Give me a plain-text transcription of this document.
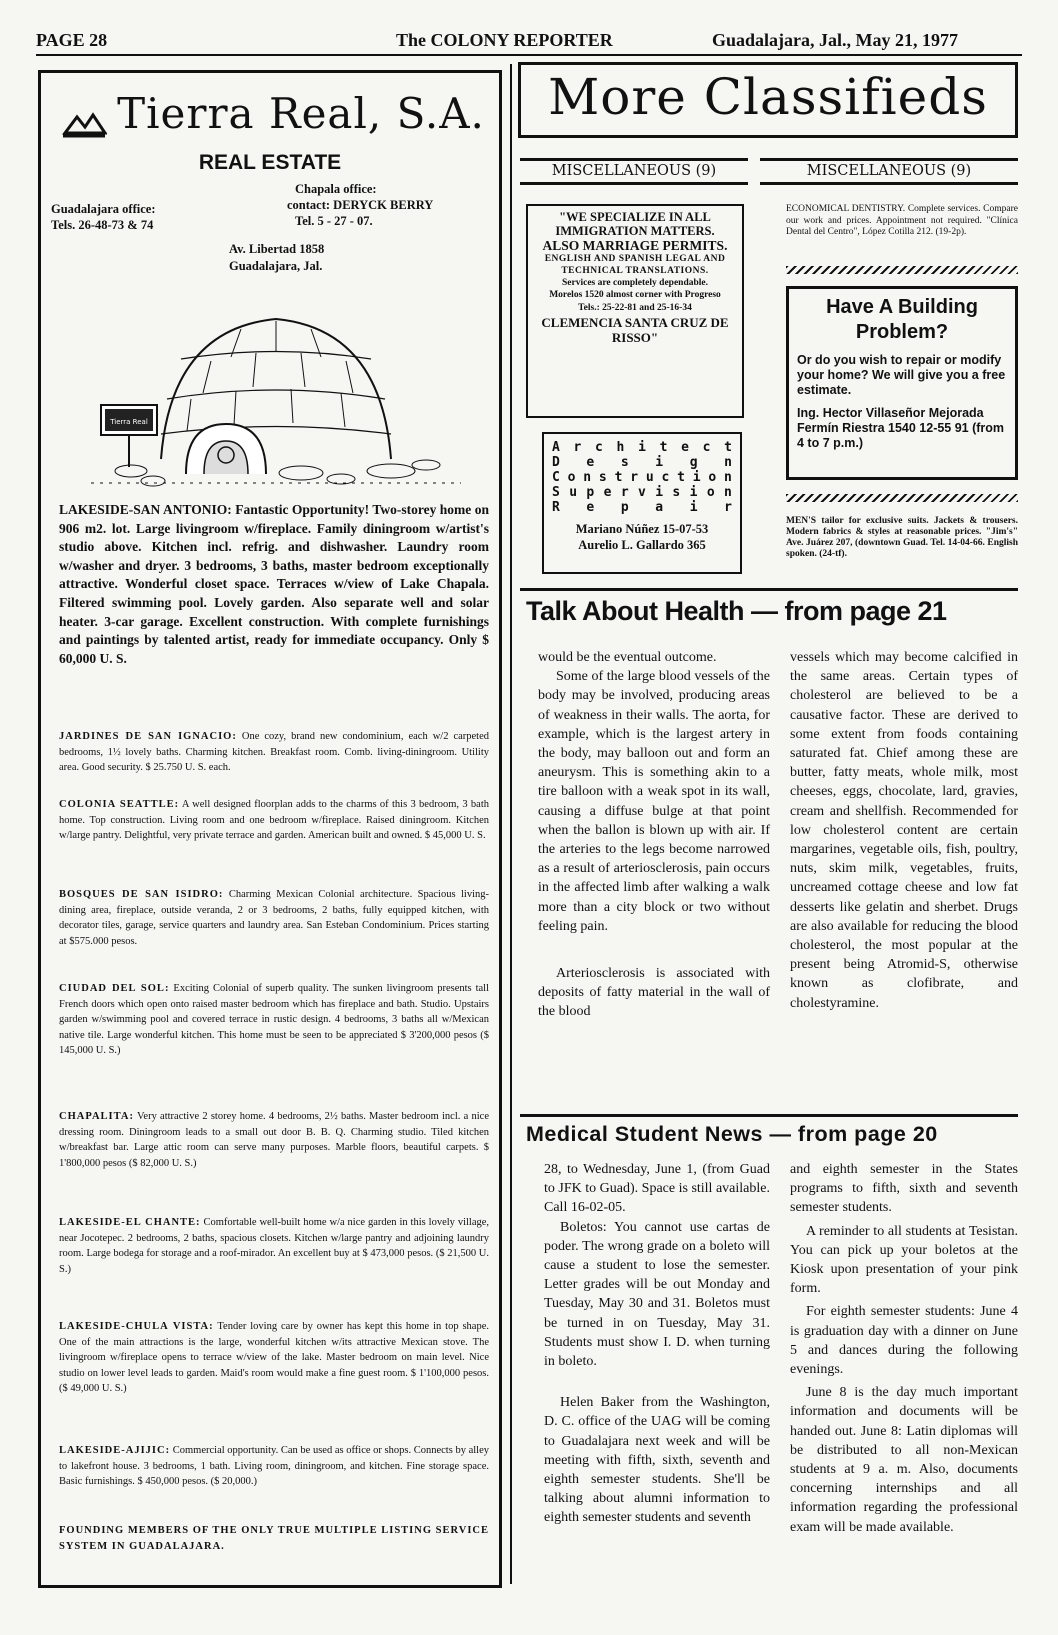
PAGE 28	The COLONY REPORTER	Guadalajara, Jal., May 21, 1977
Tierra Real, S.A.
REAL ESTATE
Guadalajara office:
Tels. 26-48-73 & 74
Chapala office:
contact: DERYCK BERRY
Tel. 5 - 27 - 07.
Av. Libertad 1858
Guadalajara, Jal.
Tierra Real
LAKESIDE-SAN ANTONIO: Fantastic Opportunity! Two-storey home on 906 m2. lot. Large livingroom w/fireplace. Family diningroom w/artist's studio above. Kitchen incl. refrig. and dishwasher. Laundry room w/washer and dryer. 3 bedrooms, 3 baths, master bedroom exceptionally attractive. Wonderful closet space. Terraces w/view of Lake Chapala. Filtered swimming pool. Lovely garden. Also separate well and solar heater. 3-car garage. Excellent construction. With complete furnishings and paintings by talented artist, ready for immediate occupancy. Only $ 60,000 U. S.
JARDINES DE SAN IGNACIO: One cozy, brand new condominium, each w/2 carpeted bedrooms, 1½ lovely baths. Charming kitchen. Breakfast room. Comb. living-diningroom. Utility area. Good security. $ 25.750 U. S. each.
COLONIA SEATTLE: A well designed floorplan adds to the charms of this 3 bedroom, 3 bath home. Top construction. Living room and one bedroom w/fireplace. Raised diningroom. Kitchen w/large pantry. Delightful, very private terrace and garden. American built and owned. $ 45,000 U. S.
BOSQUES DE SAN ISIDRO: Charming Mexican Colonial architecture. Spacious living-dining area, fireplace, outside veranda, 2 or 3 bedrooms, 2 baths, fully equipped kitchen, with decorator tiles, garage, service quarters and laundry area. San Esteban Condominium. Prices starting at $575.000 pesos.
CIUDAD DEL SOL: Exciting Colonial of superb quality. The sunken livingroom presents tall French doors which open onto raised master bedroom which has fireplace and bath. Studio. Upstairs garden w/swimming pool and covered terrace in rustic design. 4 bedrooms, 3 baths all w/Mexican native tile. Large wonderful kitchen. This home must be seen to be appreciated $ 3'200,000 pesos ($ 145,000 U. S.)
CHAPALITA: Very attractive 2 storey home. 4 bedrooms, 2½ baths. Master bedroom incl. a nice dressing room. Diningroom leads to a small out door B. B. Q. Charming studio. Tiled kitchen w/breakfast bar. Large attic room can serve many purposes. Marble floors, beautiful carpets. $ 1'800,000 pesos ($ 82,000 U. S.)
LAKESIDE-EL CHANTE: Comfortable well-built home w/a nice garden in this lovely village, near Jocotepec. 2 bedrooms, 2 baths, spacious closets. Kitchen w/large pantry and adjoining laundry room. Large bodega for storage and a roof-mirador. An excellent buy at $ 473,000 pesos. ($ 21,500 U. S.)
LAKESIDE-CHULA VISTA: Tender loving care by owner has kept this home in top shape. One of the main attractions is the large, wonderful kitchen w/its attractive Mexican stove. The livingroom w/fireplace opens to terrace w/view of the lake. Master bedroom on main level. Nice studio on lower level leads to garden. Maid's room would make a fine guest room. $ 1'100,000 pesos. ($ 49,000 U. S.)
LAKESIDE-AJIJIC: Commercial opportunity. Can be used as office or shops. Connects by alley to lakefront house. 3 bedrooms, 1 bath. Living room, diningroom, and kitchen. Fine storage space. Basic furnishings. $ 450,000 pesos. ($ 20,000.)
FOUNDING MEMBERS OF THE ONLY TRUE MULTIPLE LISTING SERVICE SYSTEM IN GUADALAJARA.
More Classifieds
MISCELLANEOUS (9)	MISCELLANEOUS (9)
"WE SPECIALIZE IN ALL IMMIGRATION MATTERS.
ALSO MARRIAGE PERMITS.
ENGLISH AND SPANISH LEGAL AND TECHNICAL TRANSLATIONS.
Services are completely dependable.
Morelos 1520 almost corner with Progreso
Tels.: 25-22-81 and 25-16-34
CLEMENCIA SANTA CRUZ DE RISSO"
A r c h i t e c t
D e s i g n
C o n s t r u c t i o n
S u p e r v i s i o n
R e p a i r
Mariano Núñez 15-07-53
Aurelio L. Gallardo 365
ECONOMICAL DENTISTRY. Complete services. Compare our work and prices. Appointment not required. "Clínica Dental del Centro", López Cotilla 212. (19-2p).
Have A Building Problem?
Or do you wish to repair or modify your home? We will give you a free estimate.
Ing. Hector Villaseñor Mejorada Fermín Riestra 1540 12-55 91 (from 4 to 7 p.m.)
MEN'S tailor for exclusive suits. Jackets & trousers. Modern fabrics & styles at reasonable prices. "Jim's" Ave. Juárez 207, (downtown Guad. Tel. 14-04-66. English spoken. (24-tf).
Talk About Health — from page 21

would be the eventual outcome.

Some of the large blood vessels of the body may be involved, producing areas of weakness in their walls. The aorta, for example, which is the largest artery in the body, may balloon out and form an aneurysm. This is something akin to a tire balloon with a weak spot in its wall, causing a diffuse bulge at that point when the ballon is blown up with air. If the arteries to the legs become narrowed as a result of arteriosclerosis, pain occurs in the affected limb after walking a walk more than a city block or two without feeling pain.

Arteriosclerosis is associated with deposits of fatty material in the wall of the blood

vessels which may become calcified in the same areas. Certain types of cholesterol are believed to be a causative factor. These are derived to some extent from foods containing saturated fat. Chief among these are butter, fatty meats, whole milk, most cheeses, eggs, chocolate, lard, gravies, cream and shellfish. Recommended for low cholesterol content are certain margarines, vegetable oils, fish, poultry, nuts, skim milk, vegetables, fruits, uncreamed cottage cheese and low fat desserts like gelatin and sherbet. Drugs are also available for reducing the blood cholesterol, the most popular at the present being Atromid-S, otherwise known as clofibrate, and cholestyramine.

Medical Student News — from page 20

28, to Wednesday, June 1, (from Guad to JFK to Guad). Space is still available. Call 16-02-05.

Boletos: You cannot use cartas de poder. The wrong grade on a boleto will cause a student to lose the semester. Letter grades will be out Monday and Tuesday, May 30 and 31. Boletos must be turned in on Tuesday, May 31. Students must show I. D. when turning in boleto.

Helen Baker from the Washington, D. C. office of the UAG will be coming to Guadalajara next week and will be meeting with fifth, sixth, seventh and eighth semester students. She'll be talking about alumni information to eighth semester students and seventh

and eighth semester in the States programs to fifth, sixth and seventh semester students.

A reminder to all students at Tesistan. You can pick up your boletos at the Kiosk upon presentation of your pink form.

For eighth semester students: June 4 is graduation day with a dinner on June 5 and dances during the following evenings.

June 8 is the day much important information and documents will be handed out. June 8: Latin diplomas will be distributed to all non-Mexican students at 9 a. m. Also, documents concerning internships and all information regarding the professional exam will be made available.
